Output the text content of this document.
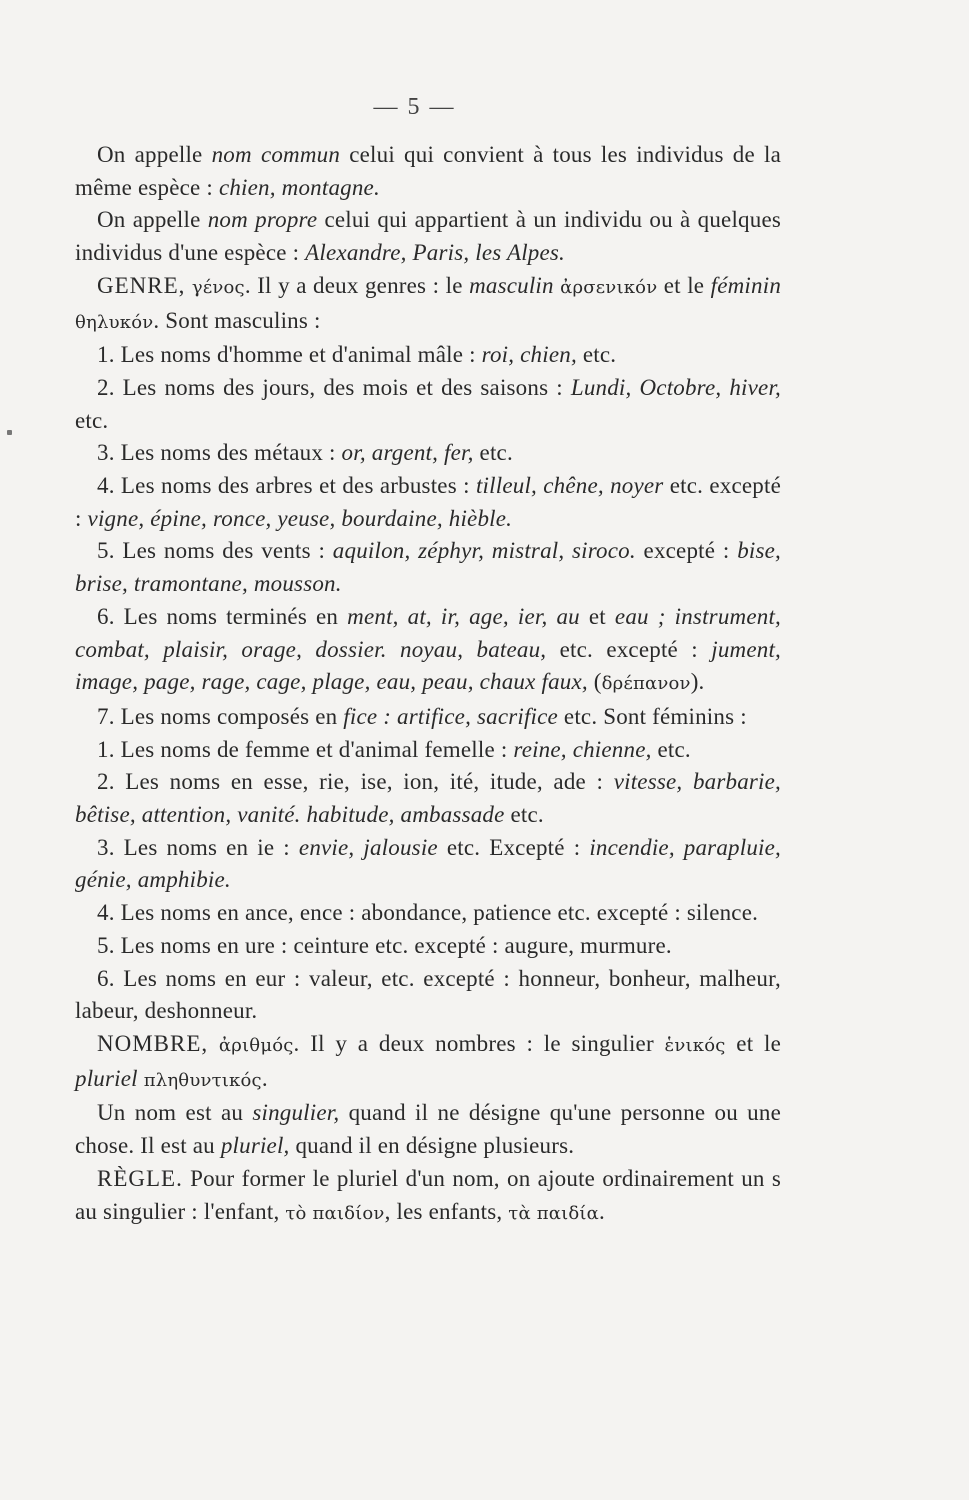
— 5 —

On appelle nom commun celui qui convient à tous les individus de la même espèce : chien, montagne.

On appelle nom propre celui qui appartient à un individu ou à quelques individus d'une espèce : Alexandre, Paris, les Alpes.

GENRE, γένος. Il y a deux genres : le masculin ἀρσενικόν et le féminin θηλυκόν. Sont masculins :

1. Les noms d'homme et d'animal mâle : roi, chien, etc.

2. Les noms des jours, des mois et des saisons : Lundi, Octobre, hiver, etc.

3. Les noms des métaux : or, argent, fer, etc.

4. Les noms des arbres et des arbustes : tilleul, chêne, noyer etc. excepté : vigne, épine, ronce, yeuse, bourdaine, hièble.

5. Les noms des vents : aquilon, zéphyr, mistral, siroco. excepté : bise, brise, tramontane, mousson.

6. Les noms terminés en ment, at, ir, age, ier, au et eau ; instrument, combat, plaisir, orage, dossier. noyau, bateau, etc. excepté : jument, image, page, rage, cage, plage, eau, peau, chaux faux, (δρέπανον).

7. Les noms composés en fice : artifice, sacrifice etc. Sont féminins :

1. Les noms de femme et d'animal femelle : reine, chienne, etc.

2. Les noms en esse, rie, ise, ion, ité, itude, ade : vitesse, barbarie, bêtise, attention, vanité. habitude, ambassade etc.

3. Les noms en ie : envie, jalousie etc. Excepté : incendie, parapluie, génie, amphibie.

4. Les noms en ance, ence : abondance, patience etc. excepté : silence.

5. Les noms en ure : ceinture etc. excepté : augure, murmure.

6. Les noms en eur : valeur, etc. excepté : honneur, bonheur, malheur, labeur, deshonneur.

NOMBRE, ἀριθμός. Il y a deux nombres : le singulier ἑνικός et le pluriel πληθυντικός.

Un nom est au singulier, quand il ne désigne qu'une personne ou une chose. Il est au pluriel, quand il en désigne plusieurs.

RÈGLE. Pour former le pluriel d'un nom, on ajoute ordinairement un s au singulier : l'enfant, τὸ παιδίον, les enfants, τὰ παιδία.
